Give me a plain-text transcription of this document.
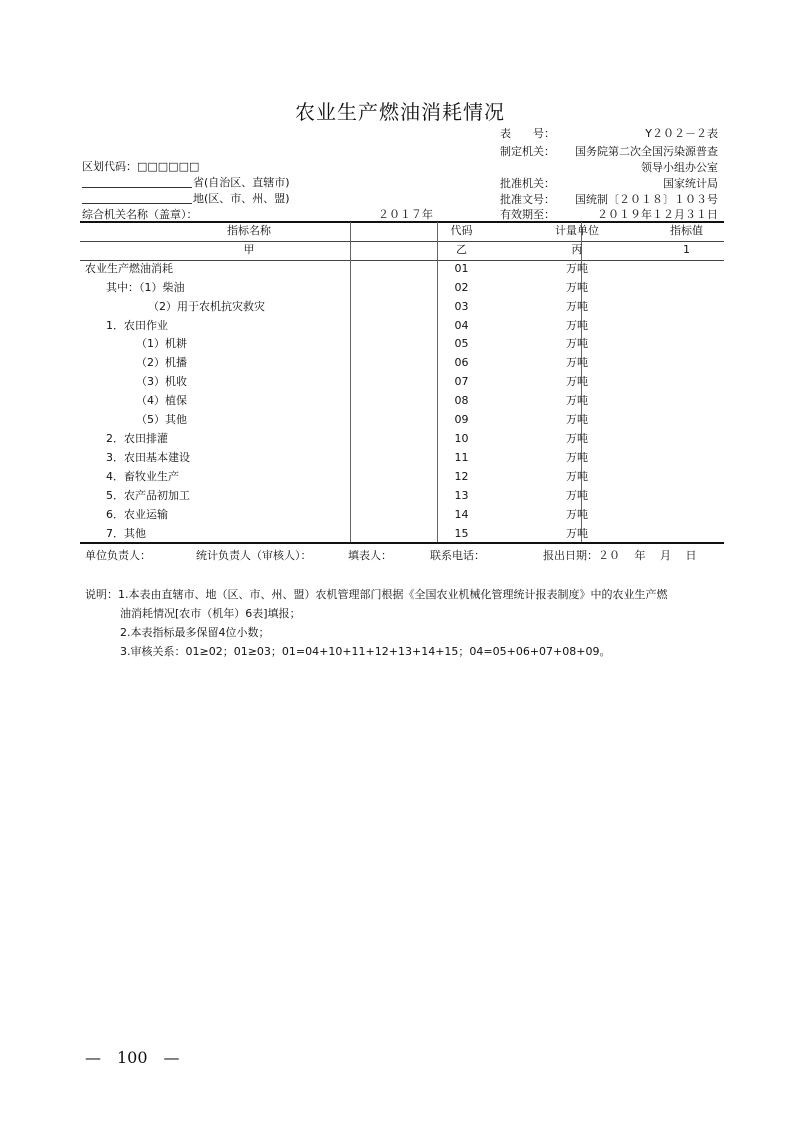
农业生产燃油消耗情况
表　　号：	Y２０２－２表
制定机关：	国务院第二次全国污染源普查
领导小组办公室
批准机关：	国家统计局
批准文号：	国统制〔２０１８〕１０３号
有效期至：	２０１９年１２月３１日
区划代码：□□□□□□
省(自治区、直辖市)
地(区、市、州、盟)
综合机关名称（盖章）：	２０１７年
指标名称	代码	计量单位	指标值
甲	乙	丙	1
农业生产燃油消耗	01	万吨	
其中：（1）柴油	02	万吨	
（2）用于农机抗灾救灾	03	万吨	
1．农田作业	04	万吨	
（1）机耕	05	万吨	
（2）机播	06	万吨	
（3）机收	07	万吨	
（4）植保	08	万吨	
（5）其他	09	万吨	
2．农田排灌	10	万吨	
3．农田基本建设	11	万吨	
4．畜牧业生产	12	万吨	
5．农产品初加工	13	万吨	
6．农业运输	14	万吨	
7．其他	15	万吨	
单位负责人：	统计负责人（审核人）：	填表人：	联系电话：	报出日期：２０　 年　 月　 日
说明：1.本表由直辖市、地（区、市、州、盟）农机管理部门根据《全国农业机械化管理统计报表制度》中的农业生产燃
油消耗情况[农市（机年）6表]填报；
2.本表指标最多保留4位小数；
3.审核关系：01≥02；01≥03；01=04+10+11+12+13+14+15；04=05+06+07+08+09。
—　100　—
